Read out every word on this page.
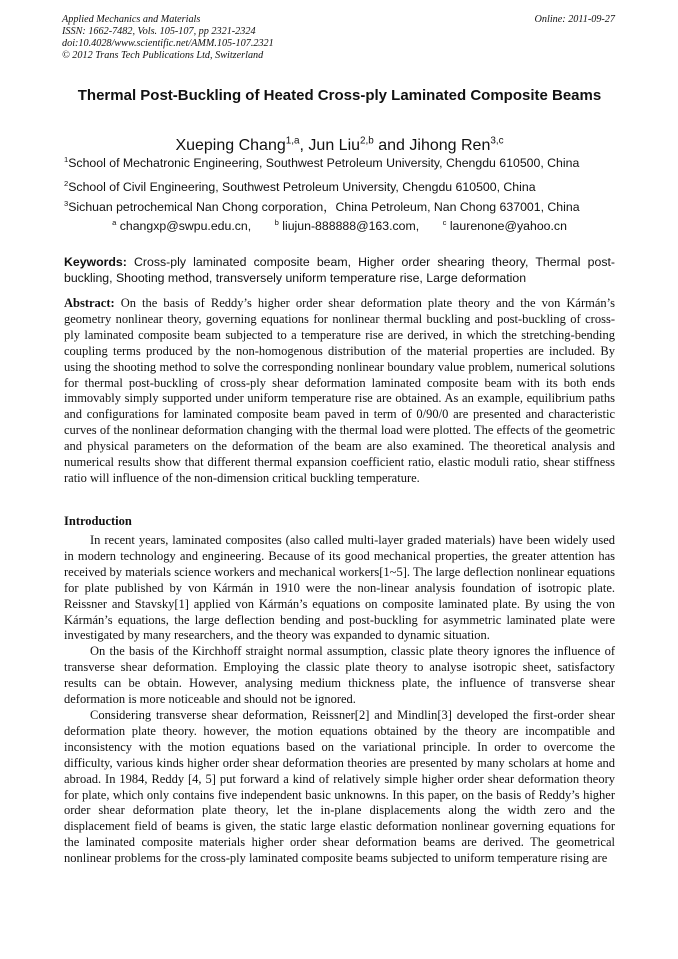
Applied Mechanics and Materials
ISSN: 1662-7482, Vols. 105-107, pp 2321-2324
doi:10.4028/www.scientific.net/AMM.105-107.2321
© 2012 Trans Tech Publications Ltd, Switzerland
Online: 2011-09-27
Thermal Post-Buckling of Heated Cross-ply Laminated Composite Beams
Xueping Chang$^{1,a}$, Jun Liu$^{2,b}$ and Jihong Ren$^{3,c}$
$^1$School of Mechatronic Engineering, Southwest Petroleum University, Chengdu 610500, China
$^2$School of Civil Engineering, Southwest Petroleum University, Chengdu 610500, China
$^3$Sichuan petrochemical Nan Chong corporation，China Petroleum, Nan Chong 637001, China
$^a$ changxp@swpu.edu.cn,	$^b$ liujun-888888@163.com,	$^c$ laurenone@yahoo.cn
Keywords: Cross-ply laminated composite beam, Higher order shearing theory, Thermal post-buckling, Shooting method, transversely uniform temperature rise, Large deformation
Abstract: On the basis of Reddy’s higher order shear deformation plate theory and the von Kármán’s geometry nonlinear theory, governing equations for nonlinear thermal buckling and post-buckling of cross-ply laminated composite beam subjected to a temperature rise are derived, in which the stretching-bending coupling terms produced by the non-homogenous distribution of the material properties are included. By using the shooting method to solve the corresponding nonlinear boundary value problem, numerical solutions for thermal post-buckling of cross-ply shear deformation laminated composite beam with its both ends immovably simply supported under uniform temperature rise are obtained. As an example, equilibrium paths and configurations for laminated composite beam paved in term of 0/90/0 are presented and characteristic curves of the nonlinear deformation changing with the thermal load were plotted. The effects of the geometric and physical parameters on the deformation of the beam are also examined. The theoretical analysis and numerical results show that different thermal expansion coefficient ratio, elastic moduli ratio, shear stiffness ratio will influence of the non-dimension critical buckling temperature.
Introduction

In recent years, laminated composites (also called multi-layer graded materials) have been widely used in modern technology and engineering. Because of its good mechanical properties, the greater attention has received by materials science workers and mechanical workers[1~5]. The large deflection nonlinear equations for plate published by von Kármán in 1910 were the non-linear analysis foundation of isotropic plate. Reissner and Stavsky[1] applied von Kármán’s equations on composite laminated plate. By using the von Kármán’s equations, the large deflection bending and post-buckling for asymmetric laminated plate were investigated by many researchers, and the theory was expanded to dynamic situation.

On the basis of the Kirchhoff straight normal assumption, classic plate theory ignores the influence of transverse shear deformation. Employing the classic plate theory to analyse isotropic sheet, satisfactory results can be obtain. However, analysing medium thickness plate, the influence of transverse shear deformation is more noticeable and should not be ignored.

Considering transverse shear deformation, Reissner[2] and Mindlin[3] developed the first-order shear deformation plate theory. however, the motion equations obtained by the theory are incompatible and inconsistency with the motion equations based on the variational principle. In order to overcome the difficulty, various kinds higher order shear deformation theories are presented by many scholars at home and abroad. In 1984, Reddy [4, 5] put forward a kind of relatively simple higher order shear deformation theory for plate, which only contains five independent basic unknowns. In this paper, on the basis of Reddy’s higher order shear deformation plate theory, let the in-plane displacements along the width zero and the displacement field of beams is given, the static large elastic deformation nonlinear governing equations for the laminated composite materials higher order shear deformation beams are derived. The geometrical nonlinear problems for the cross-ply laminated composite beams subjected to uniform temperature rising are
